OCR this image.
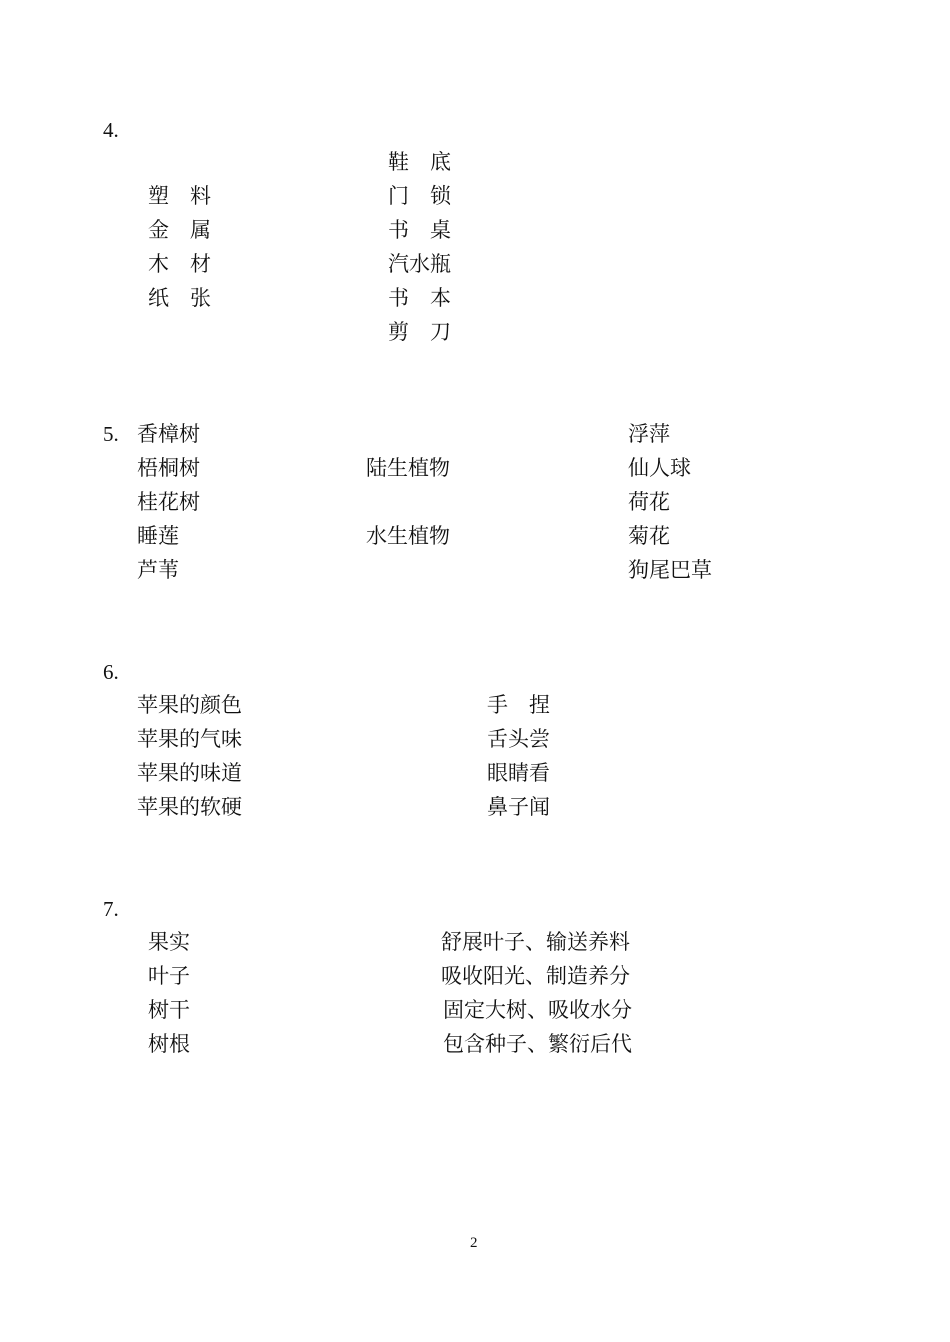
4.
塑　料
金　属
木　材
纸　张
鞋　底
门　锁
书　桌
汽水瓶
书　本
剪　刀
5. 香樟树
梧桐树
桂花树
睡莲
芦苇
陆生植物
水生植物
浮萍
仙人球
荷花
菊花
狗尾巴草
6.
苹果的颜色
苹果的气味
苹果的味道
苹果的软硬
手　捏
舌头尝
眼睛看
鼻子闻
7.
果实
叶子
树干
树根
舒展叶子、输送养料
吸收阳光、制造养分
固定大树、吸收水分
包含种子、繁衍后代
2
